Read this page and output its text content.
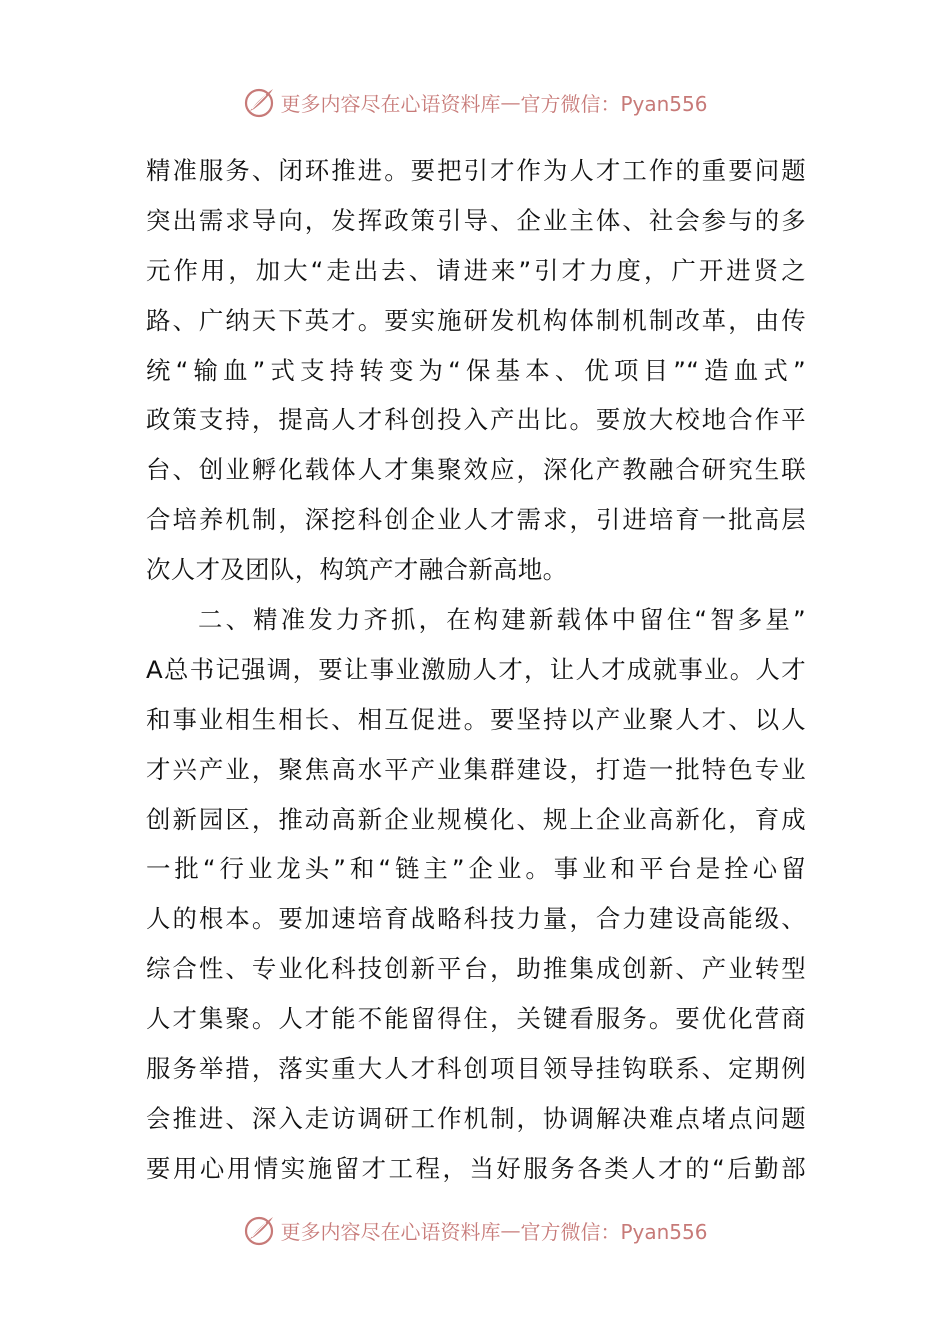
更多内容尽在心语资料库 — 官方微信：Pyan556
精准服务、闭环推进。要把引才作为人才工作的重要问题
突出需求导向，发挥政策引导、企业主体、社会参与的多
元作用，加大“走出去、请进来”引才力度，广开进贤之
路、广纳天下英才。要实施研发机构体制机制改革，由传
统“输血”式支持转变为“保基本、优项目”“造血式”
政策支持，提高人才科创投入产出比。要放大校地合作平
台、创业孵化载体人才集聚效应，深化产教融合研究生联
合培养机制，深挖科创企业人才需求，引进培育一批高层
次人才及团队，构筑产才融合新高地。
二、精准发力齐抓，在构建新载体中留住“智多星”
A总书记强调，要让事业激励人才，让人才成就事业。人才
和事业相生相长、相互促进。要坚持以产业聚人才、以人
才兴产业，聚焦高水平产业集群建设，打造一批特色专业
创新园区，推动高新企业规模化、规上企业高新化，育成
一批“行业龙头”和“链主”企业。事业和平台是拴心留
人的根本。要加速培育战略科技力量，合力建设高能级、
综合性、专业化科技创新平台，助推集成创新、产业转型
人才集聚。人才能不能留得住，关键看服务。要优化营商
服务举措，落实重大人才科创项目领导挂钩联系、定期例
会推进、深入走访调研工作机制，协调解决难点堵点问题
要用心用情实施留才工程，当好服务各类人才的“后勤部
更多内容尽在心语资料库 — 官方微信：Pyan556
